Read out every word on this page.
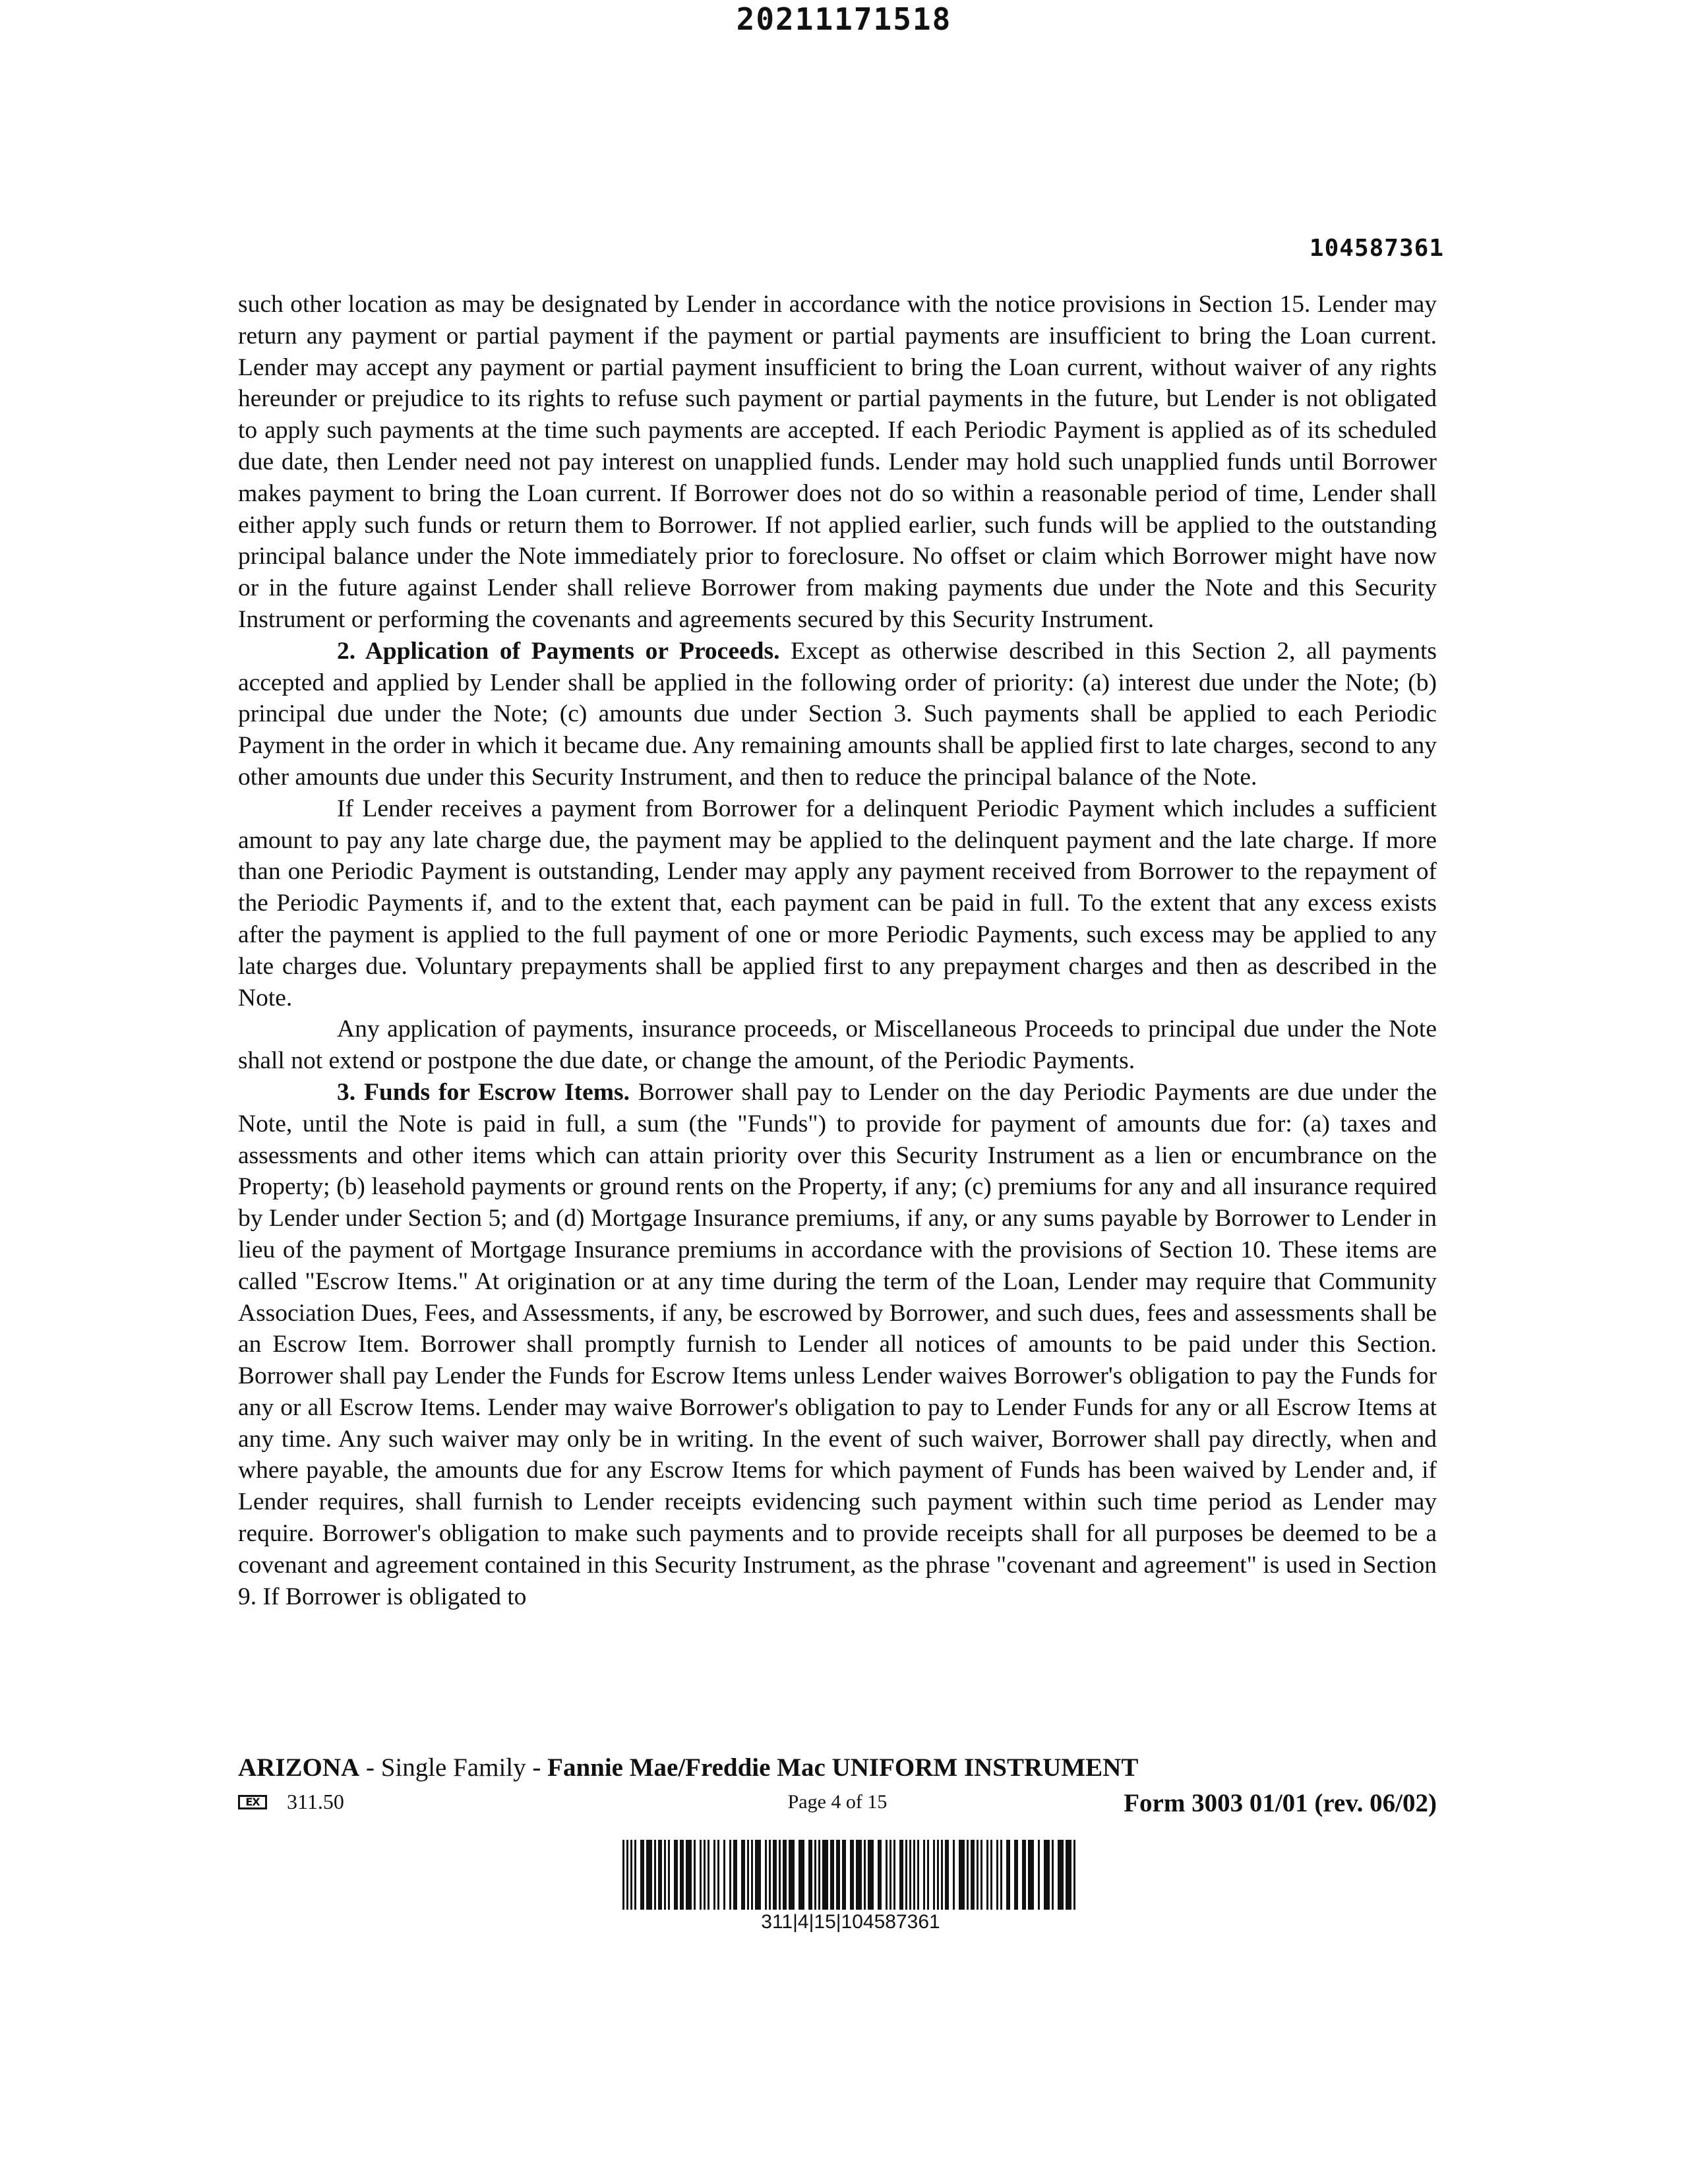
20211171518
104587361

such other location as may be designated by Lender in accordance with the notice provisions in Section 15. Lender may return any payment or partial payment if the payment or partial payments are insufficient to bring the Loan current. Lender may accept any payment or partial payment insufficient to bring the Loan current, without waiver of any rights hereunder or prejudice to its rights to refuse such payment or partial payments in the future, but Lender is not obligated to apply such payments at the time such payments are accepted. If each Periodic Payment is applied as of its scheduled due date, then Lender need not pay interest on unapplied funds. Lender may hold such unapplied funds until Borrower makes payment to bring the Loan current. If Borrower does not do so within a reasonable period of time, Lender shall either apply such funds or return them to Borrower. If not applied earlier, such funds will be applied to the outstanding principal balance under the Note immediately prior to foreclosure. No offset or claim which Borrower might have now or in the future against Lender shall relieve Borrower from making payments due under the Note and this Security Instrument or performing the covenants and agreements secured by this Security Instrument.

2. Application of Payments or Proceeds. Except as otherwise described in this Section 2, all payments accepted and applied by Lender shall be applied in the following order of priority: (a) interest due under the Note; (b) principal due under the Note; (c) amounts due under Section 3. Such payments shall be applied to each Periodic Payment in the order in which it became due. Any remaining amounts shall be applied first to late charges, second to any other amounts due under this Security Instrument, and then to reduce the principal balance of the Note.

If Lender receives a payment from Borrower for a delinquent Periodic Payment which includes a sufficient amount to pay any late charge due, the payment may be applied to the delinquent payment and the late charge. If more than one Periodic Payment is outstanding, Lender may apply any payment received from Borrower to the repayment of the Periodic Payments if, and to the extent that, each payment can be paid in full. To the extent that any excess exists after the payment is applied to the full payment of one or more Periodic Payments, such excess may be applied to any late charges due. Voluntary prepayments shall be applied first to any prepayment charges and then as described in the Note.

Any application of payments, insurance proceeds, or Miscellaneous Proceeds to principal due under the Note shall not extend or postpone the due date, or change the amount, of the Periodic Payments.

3. Funds for Escrow Items. Borrower shall pay to Lender on the day Periodic Payments are due under the Note, until the Note is paid in full, a sum (the "Funds") to provide for payment of amounts due for: (a) taxes and assessments and other items which can attain priority over this Security Instrument as a lien or encumbrance on the Property; (b) leasehold payments or ground rents on the Property, if any; (c) premiums for any and all insurance required by Lender under Section 5; and (d) Mortgage Insurance premiums, if any, or any sums payable by Borrower to Lender in lieu of the payment of Mortgage Insurance premiums in accordance with the provisions of Section 10. These items are called "Escrow Items." At origination or at any time during the term of the Loan, Lender may require that Community Association Dues, Fees, and Assessments, if any, be escrowed by Borrower, and such dues, fees and assessments shall be an Escrow Item. Borrower shall promptly furnish to Lender all notices of amounts to be paid under this Section. Borrower shall pay Lender the Funds for Escrow Items unless Lender waives Borrower's obligation to pay the Funds for any or all Escrow Items. Lender may waive Borrower's obligation to pay to Lender Funds for any or all Escrow Items at any time. Any such waiver may only be in writing. In the event of such waiver, Borrower shall pay directly, when and where payable, the amounts due for any Escrow Items for which payment of Funds has been waived by Lender and, if Lender requires, shall furnish to Lender receipts evidencing such payment within such time period as Lender may require. Borrower's obligation to make such payments and to provide receipts shall for all purposes be deemed to be a covenant and agreement contained in this Security Instrument, as the phrase "covenant and agreement" is used in Section 9. If Borrower is obligated to

ARIZONA - Single Family - Fannie Mae/Freddie Mac UNIFORM INSTRUMENT
EX	311.50	Page 4 of 15	Form 3003 01/01 (rev. 06/02)
311|4|15|104587361
